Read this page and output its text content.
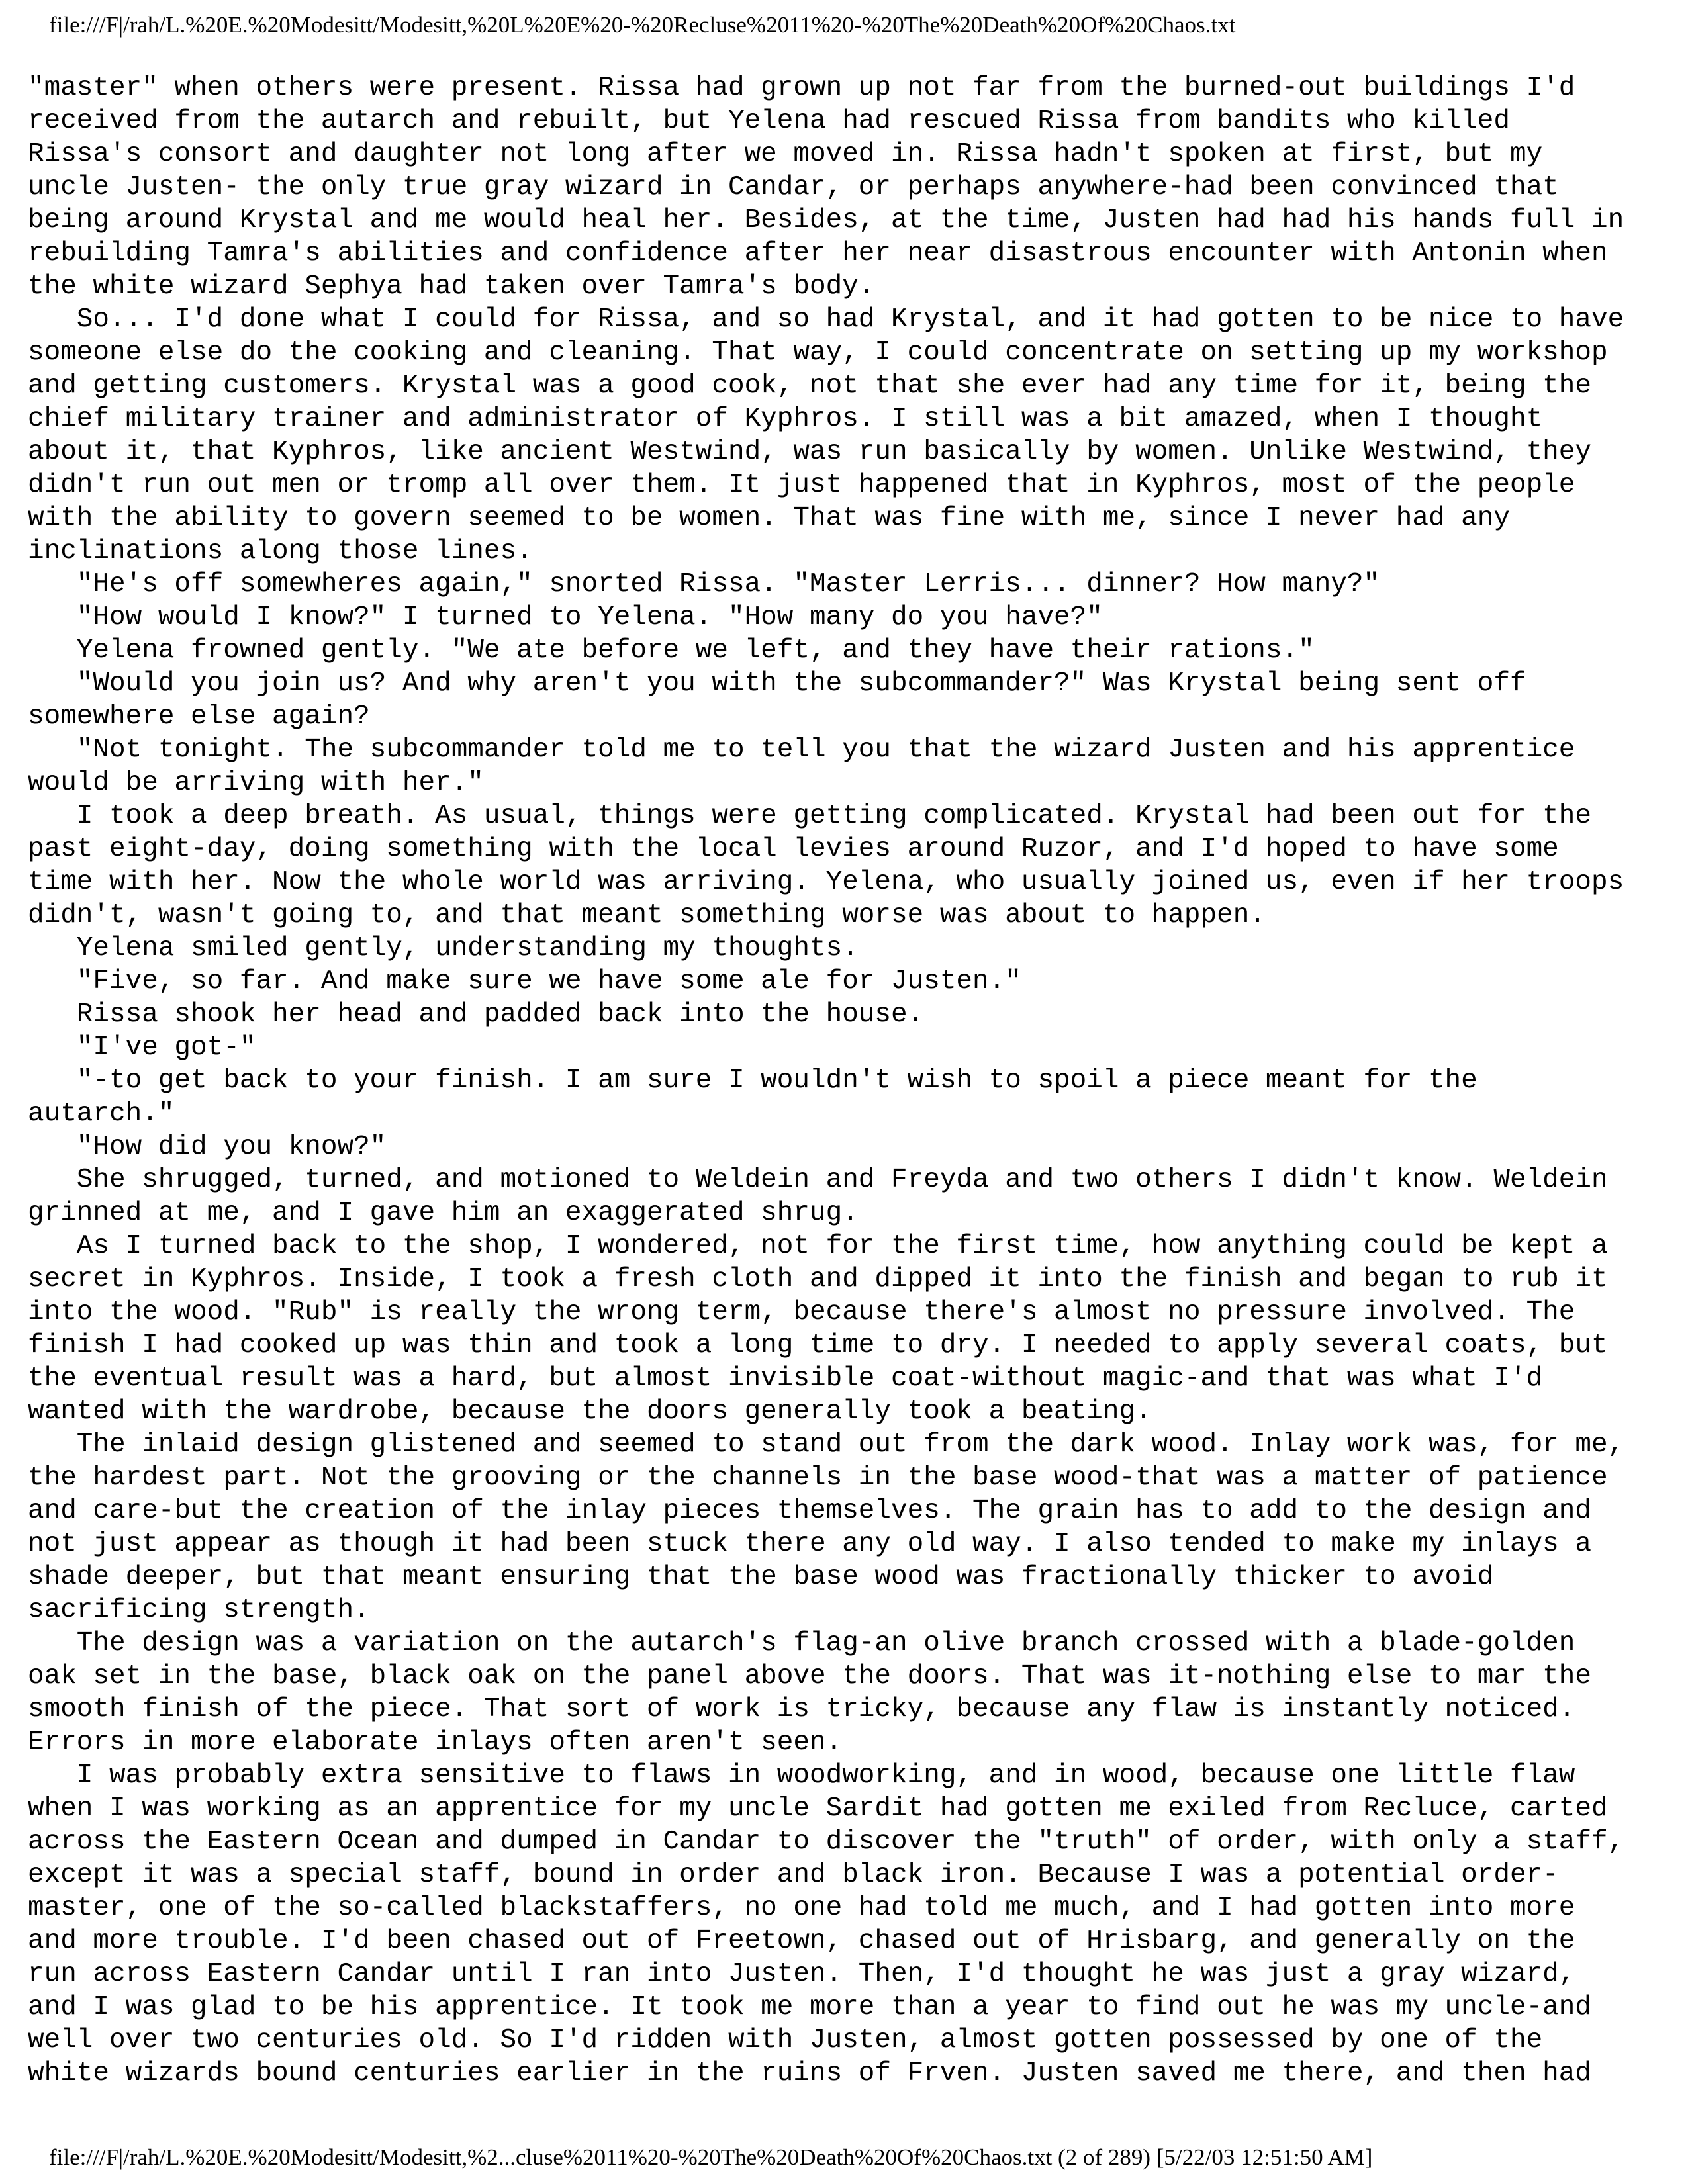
file:///F|/rah/L.%20E.%20Modesitt/Modesitt,%20L%20E%20-%20Recluse%2011%20-%20The%20Death%20Of%20Chaos.txt
"master" when others were present. Rissa had grown up not far from the burned-out buildings I'd
received from the autarch and rebuilt, but Yelena had rescued Rissa from bandits who killed
Rissa's consort and daughter not long after we moved in. Rissa hadn't spoken at first, but my
uncle Justen- the only true gray wizard in Candar, or perhaps anywhere-had been convinced that
being around Krystal and me would heal her. Besides, at the time, Justen had had his hands full in
rebuilding Tamra's abilities and confidence after her near disastrous encounter with Antonin when
the white wizard Sephya had taken over Tamra's body.
So... I'd done what I could for Rissa, and so had Krystal, and it had gotten to be nice to have
someone else do the cooking and cleaning. That way, I could concentrate on setting up my workshop
and getting customers. Krystal was a good cook, not that she ever had any time for it, being the
chief military trainer and administrator of Kyphros. I still was a bit amazed, when I thought
about it, that Kyphros, like ancient Westwind, was run basically by women. Unlike Westwind, they
didn't run out men or tromp all over them. It just happened that in Kyphros, most of the people
with the ability to govern seemed to be women. That was fine with me, since I never had any
inclinations along those lines.
"He's off somewheres again," snorted Rissa. "Master Lerris... dinner? How many?"
"How would I know?" I turned to Yelena. "How many do you have?"
Yelena frowned gently. "We ate before we left, and they have their rations."
"Would you join us? And why aren't you with the subcommander?" Was Krystal being sent off
somewhere else again?
"Not tonight. The subcommander told me to tell you that the wizard Justen and his apprentice
would be arriving with her."
I took a deep breath. As usual, things were getting complicated. Krystal had been out for the
past eight-day, doing something with the local levies around Ruzor, and I'd hoped to have some
time with her. Now the whole world was arriving. Yelena, who usually joined us, even if her troops
didn't, wasn't going to, and that meant something worse was about to happen.
Yelena smiled gently, understanding my thoughts.
"Five, so far. And make sure we have some ale for Justen."
Rissa shook her head and padded back into the house.
"I've got-"
"-to get back to your finish. I am sure I wouldn't wish to spoil a piece meant for the
autarch."
"How did you know?"
She shrugged, turned, and motioned to Weldein and Freyda and two others I didn't know. Weldein
grinned at me, and I gave him an exaggerated shrug.
As I turned back to the shop, I wondered, not for the first time, how anything could be kept a
secret in Kyphros. Inside, I took a fresh cloth and dipped it into the finish and began to rub it
into the wood. "Rub" is really the wrong term, because there's almost no pressure involved. The
finish I had cooked up was thin and took a long time to dry. I needed to apply several coats, but
the eventual result was a hard, but almost invisible coat-without magic-and that was what I'd
wanted with the wardrobe, because the doors generally took a beating.
The inlaid design glistened and seemed to stand out from the dark wood. Inlay work was, for me,
the hardest part. Not the grooving or the channels in the base wood-that was a matter of patience
and care-but the creation of the inlay pieces themselves. The grain has to add to the design and
not just appear as though it had been stuck there any old way. I also tended to make my inlays a
shade deeper, but that meant ensuring that the base wood was fractionally thicker to avoid
sacrificing strength.
The design was a variation on the autarch's flag-an olive branch crossed with a blade-golden
oak set in the base, black oak on the panel above the doors. That was it-nothing else to mar the
smooth finish of the piece. That sort of work is tricky, because any flaw is instantly noticed.
Errors in more elaborate inlays often aren't seen.
I was probably extra sensitive to flaws in woodworking, and in wood, because one little flaw
when I was working as an apprentice for my uncle Sardit had gotten me exiled from Recluce, carted
across the Eastern Ocean and dumped in Candar to discover the "truth" of order, with only a staff,
except it was a special staff, bound in order and black iron. Because I was a potential order-
master, one of the so-called blackstaffers, no one had told me much, and I had gotten into more
and more trouble. I'd been chased out of Freetown, chased out of Hrisbarg, and generally on the
run across Eastern Candar until I ran into Justen. Then, I'd thought he was just a gray wizard,
and I was glad to be his apprentice. It took me more than a year to find out he was my uncle-and
well over two centuries old. So I'd ridden with Justen, almost gotten possessed by one of the
white wizards bound centuries earlier in the ruins of Frven. Justen saved me there, and then had
file:///F|/rah/L.%20E.%20Modesitt/Modesitt,%2...cluse%2011%20-%20The%20Death%20Of%20Chaos.txt (2 of 289) [5/22/03 12:51:50 AM]
